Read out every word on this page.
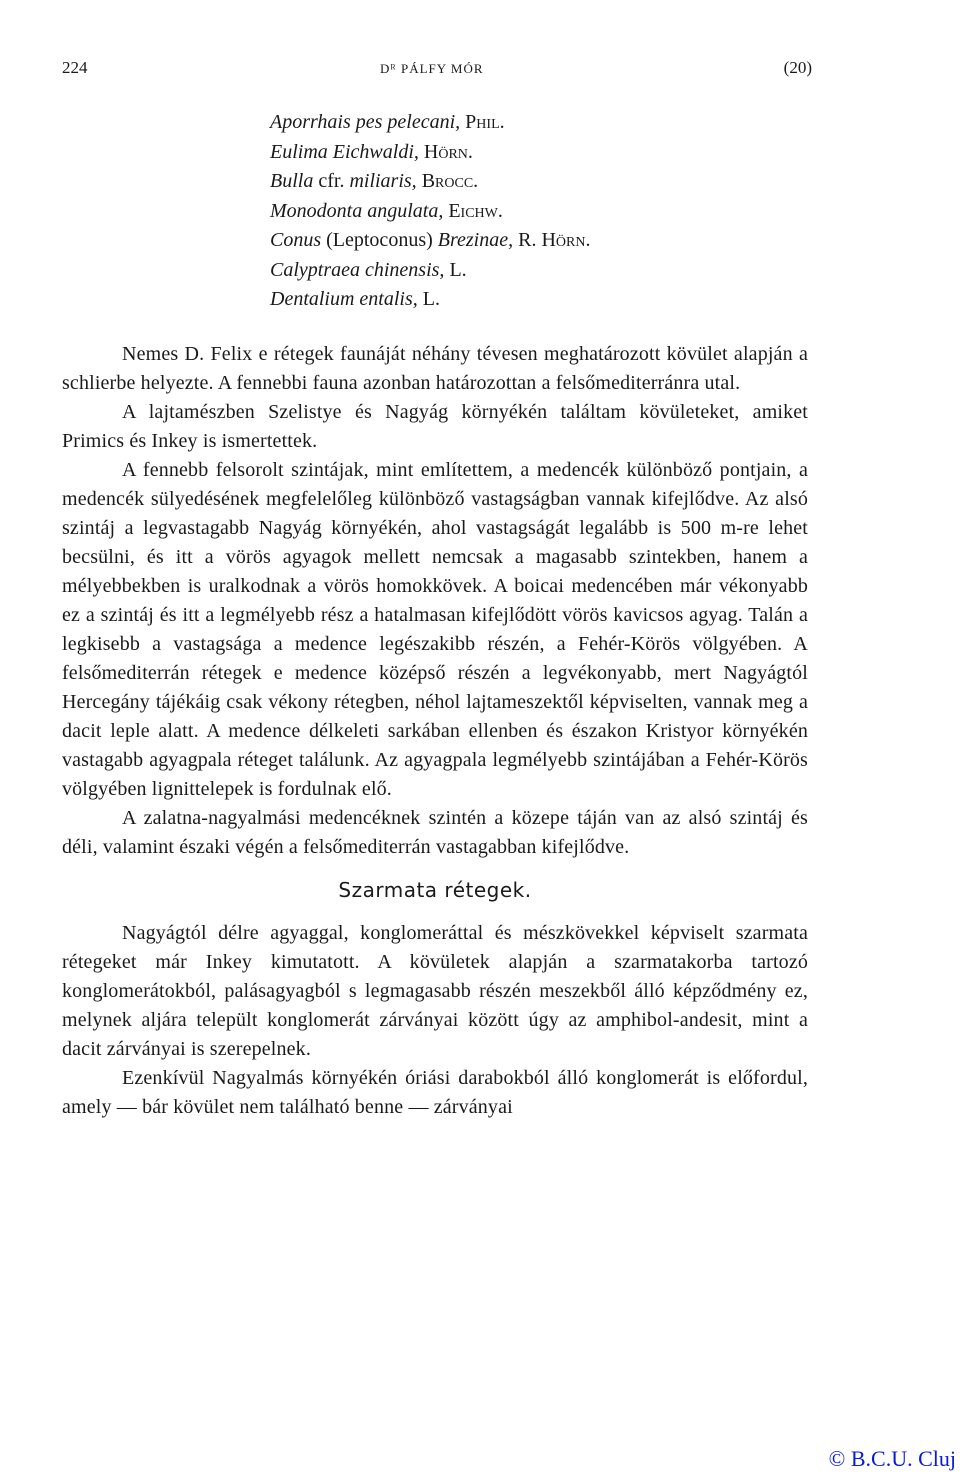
224	Dᴿ PÁLFY MÓR	(20)
Aporrhais pes pelecani, Phil.
Eulima Eichwaldi, Hörn.
Bulla cfr. miliaris, Brocc.
Monodonta angulata, Eichw.
Conus (Leptoconus) Brezinae, R. Hörn.
Calyptraea chinensis, L.
Dentalium entalis, L.

Nemes D. Felix e rétegek faunáját néhány tévesen meghatározott kövület alapján a schlierbe helyezte. A fennebbi fauna azonban határozottan a felsőmediterránra utal.

A lajtamészben Szelistye és Nagyág környékén találtam kövületeket, amiket Primics és Inkey is ismertettek.

A fennebb felsorolt szintájak, mint említettem, a medencék különböző pontjain, a medencék sülyedésének megfelelőleg különböző vastagságban vannak kifejlődve. Az alsó szintáj a legvastagabb Nagyág környékén, ahol vastagságát legalább is 500 m-re lehet becsülni, és itt a vörös agyagok mellett nemcsak a magasabb szintekben, hanem a mélyebbekben is uralkodnak a vörös homokkövek. A boicai medencében már vékonyabb ez a szintáj és itt a legmélyebb rész a hatalmasan kifejlődött vörös kavicsos agyag. Talán a legkisebb a vastagsága a medence legészakibb részén, a Fehér-Körös völgyében. A felsőmediterrán rétegek e medence középső részén a legvékonyabb, mert Nagyágtól Hercegány tájékáig csak vékony rétegben, néhol lajtameszektől képviselten, vannak meg a dacit leple alatt. A medence délkeleti sarkában ellenben és északon Kristyor környékén vastagabb agyagpala réteget találunk. Az agyagpala legmélyebb szintájában a Fehér-Körös völgyében lignittelepek is fordulnak elő.

A zalatna-nagyalmási medencéknek szintén a közepe táján van az alsó szintáj és déli, valamint északi végén a felsőmediterrán vastagabban kifejlődve.

Szarmata rétegek.

Nagyágtól délre agyaggal, konglomeráttal és mészkövekkel képviselt szarmata rétegeket már Inkey kimutatott. A kövületek alapján a szarmatakorba tartozó konglomerátokból, palásagyagból s legmagasabb részén meszekből álló képződmény ez, melynek aljára települt konglomerát zárványai között úgy az amphibol-andesit, mint a dacit zárványai is szerepelnek.

Ezenkívül Nagyalmás környékén óriási darabokból álló konglomerát is előfordul, amely — bár kövület nem található benne — zárványai

© B.C.U. Cluj
